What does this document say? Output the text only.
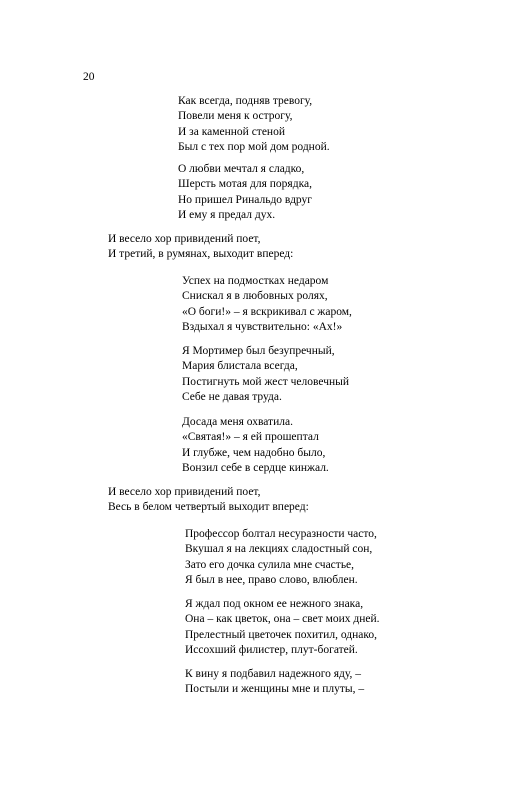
20
Как всегда, подняв тревогу,
Повели меня к острогу,
И за каменной стеной
Был с тех пор мой дом родной.
О любви мечтал я сладко,
Шерсть мотая для порядка,
Но пришел Ринальдо вдруг
И ему я предал дух.
И весело хор привидений поет,
И третий, в румянах, выходит вперед:
Успех на подмостках недаром
Снискал я в любовных ролях,
«О боги!» – я вскрикивал с жаром,
Вздыхал я чувствительно: «Ах!»
Я Мортимер был безупречный,
Мария блистала всегда,
Постигнуть мой жест человечный
Себе не давая труда.
Досада меня охватила.
«Святая!» – я ей прошептал
И глубже, чем надобно было,
Вонзил себе в сердце кинжал.
И весело хор привидений поет,
Весь в белом четвертый выходит вперед:
Профессор болтал несуразности часто,
Вкушал я на лекциях сладостный сон,
Зато его дочка сулила мне счастье,
Я был в нее, право слово, влюблен.
Я ждал под окном ее нежного знака,
Она – как цветок, она – свет моих дней.
Прелестный цветочек похитил, однако,
Иссохший филистер, плут-богатей.
К вину я подбавил надежного яду, –
Постыли и женщины мне и плуты, –
